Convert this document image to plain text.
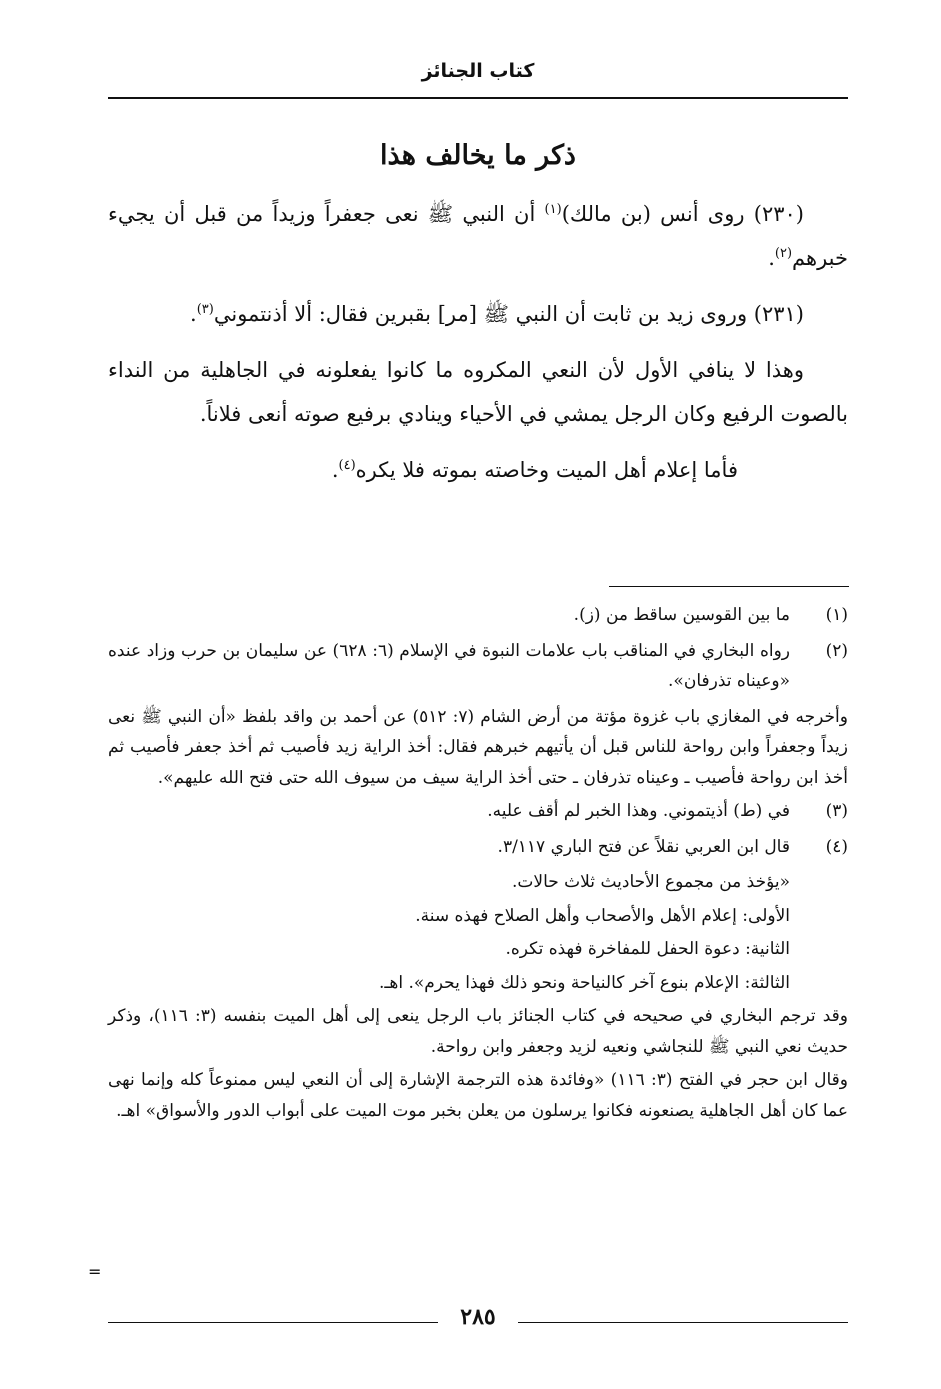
كتاب الجنائز
ذكر ما يخالف هذا

(٢٣٠) روى أنس (بن مالك)$^{(١)}$ أن النبي ﷺ نعى جعفراً وزيداً من قبل أن يجيء خبرهم$^{(٢)}$.

(٢٣١) وروى زيد بن ثابت أن النبي ﷺ [مر] بقبرين فقال: ألا أذنتموني$^{(٣)}$.

وهذا لا ينافي الأول لأن النعي المكروه ما كانوا يفعلونه في الجاهلية من النداء بالصوت الرفيع وكان الرجل يمشي في الأحياء وينادي برفيع صوته أنعى فلاناً.

فأما إعلام أهل الميت وخاصته بموته فلا يكره$^{(٤)}$.

(١)

ما بين القوسين ساقط من (ز).

(٢)

رواه البخاري في المناقب باب علامات النبوة في الإسلام (٦: ٦٢٨) عن سليمان بن حرب وزاد عنده «وعيناه تذرفان».

وأخرجه في المغازي باب غزوة مؤتة من أرض الشام (٧: ٥١٢) عن أحمد بن واقد بلفظ «أن النبي ﷺ نعى زيداً وجعفراً وابن رواحة للناس قبل أن يأتيهم خبرهم فقال: أخذ الراية زيد فأصيب ثم أخذ جعفر فأصيب ثم أخذ ابن رواحة فأصيب ـ وعيناه تذرفان ـ حتى أخذ الراية سيف من سيوف الله حتى فتح الله عليهم».

(٣)

في (ط) أذيتموني. وهذا الخبر لم أقف عليه.

(٤)

قال ابن العربي نقلاً عن فتح الباري ٣/١١٧.

«يؤخذ من مجموع الأحاديث ثلاث حالات.

الأولى: إعلام الأهل والأصحاب وأهل الصلاح فهذه سنة.

الثانية: دعوة الحفل للمفاخرة فهذه تكره.

الثالثة: الإعلام بنوع آخر كالنياحة ونحو ذلك فهذا يحرم». اهـ.

وقد ترجم البخاري في صحيحه في كتاب الجنائز باب الرجل ينعى إلى أهل الميت بنفسه (٣: ١١٦)، وذكر حديث نعي النبي ﷺ للنجاشي ونعيه لزيد وجعفر وابن رواحة.

وقال ابن حجر في الفتح (٣: ١١٦) «وفائدة هذه الترجمة الإشارة إلى أن النعي ليس ممنوعاً كله وإنما نهى عما كان أهل الجاهلية يصنعونه فكانوا يرسلون من يعلن بخبر موت الميت على أبواب الدور والأسواق» اهـ.

=
٢٨٥
